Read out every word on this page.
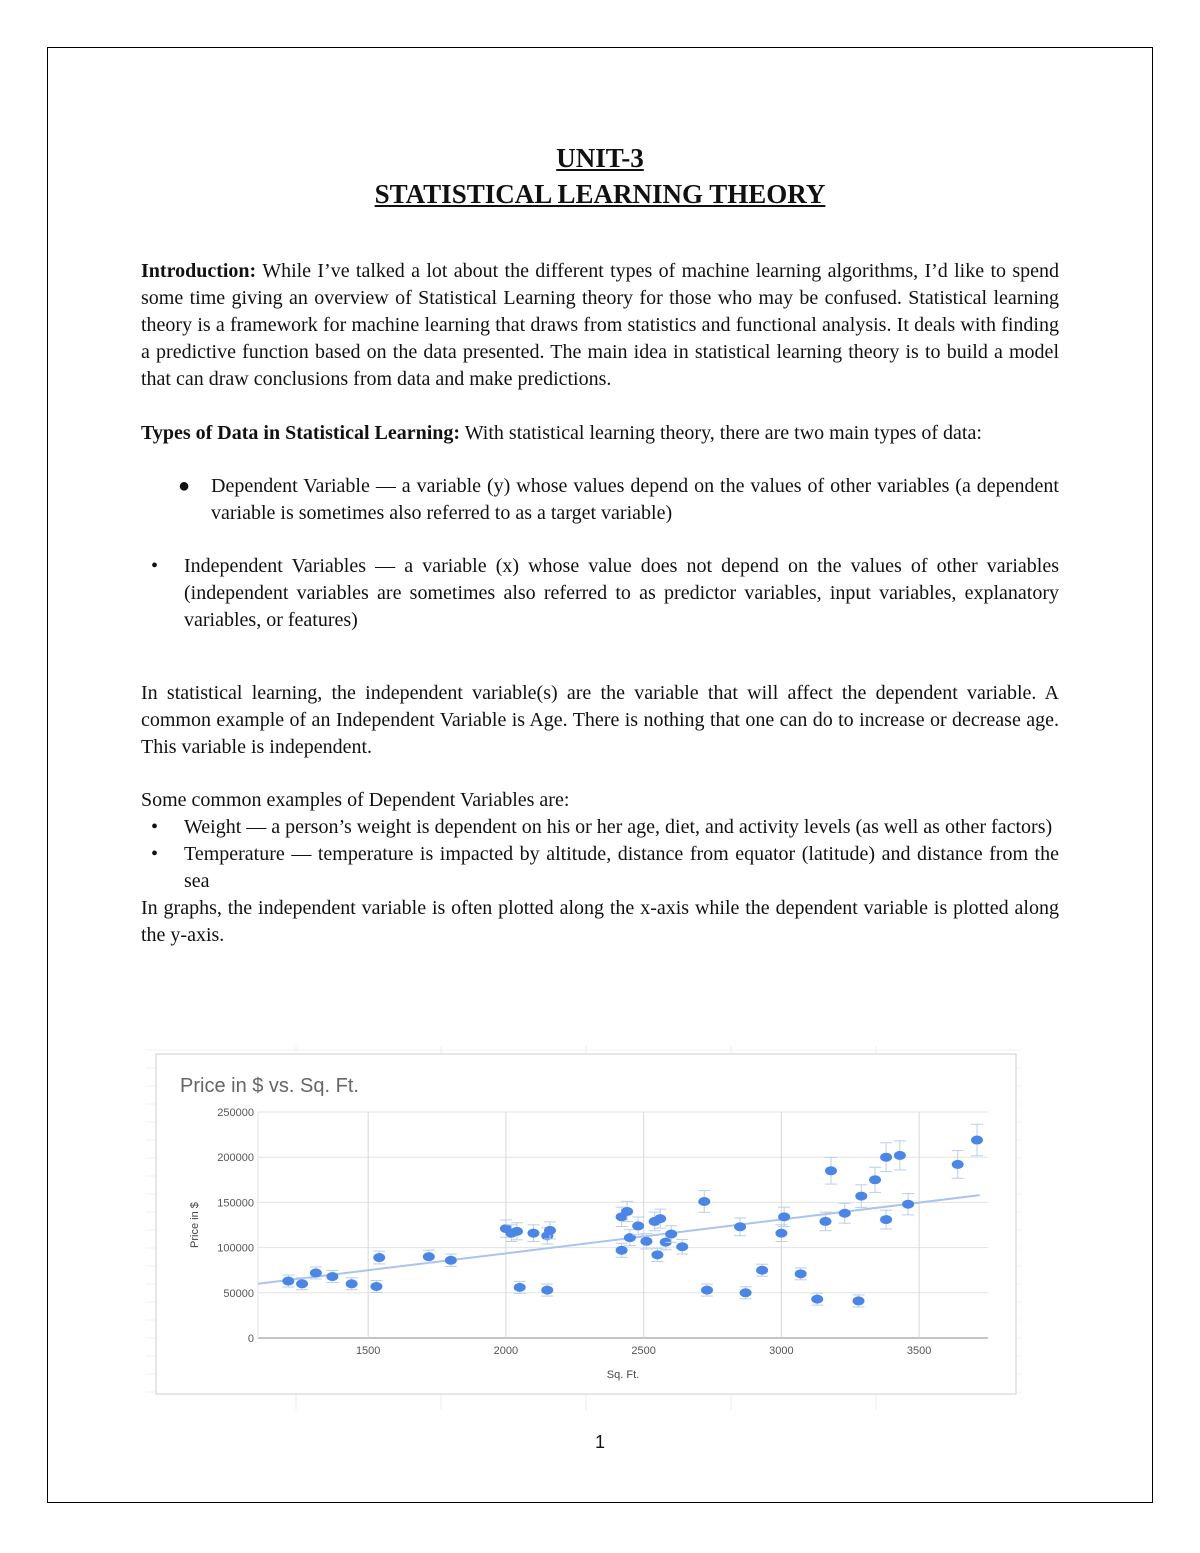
UNIT-3
STATISTICAL LEARNING THEORY

Introduction: While I’ve talked a lot about the different types of machine learning algorithms, I’d like to spend some time giving an overview of Statistical Learning theory for those who may be confused. Statistical learning theory is a framework for machine learning that draws from statistics and functional analysis. It deals with finding a predictive function based on the data presented. The main idea in statistical learning theory is to build a model that can draw conclusions from data and make predictions.

Types of Data in Statistical Learning: With statistical learning theory, there are two main types of data:

● Dependent Variable — a variable (y) whose values depend on the values of other variables (a dependent variable is sometimes also referred to as a target variable)
• Independent Variables — a variable (x) whose value does not depend on the values of other variables (independent variables are sometimes also referred to as predictor variables, input variables, explanatory variables, or features)

In statistical learning, the independent variable(s) are the variable that will affect the dependent variable. A common example of an Independent Variable is Age. There is nothing that one can do to increase or decrease age. This variable is independent.

Some common examples of Dependent Variables are:

• Weight — a person’s weight is dependent on his or her age, diet, and activity levels (as well as other factors)
• Temperature — temperature is impacted by altitude, distance from equator (latitude) and distance from the sea

In graphs, the independent variable is often plotted along the x-axis while the dependent variable is plotted along the y-axis.

Price in $ vs. Sq. Ft.
0
50000
100000
150000
200000
250000
1500	2000	2500	3000	3500
Price in $
Sq. Ft.
1
